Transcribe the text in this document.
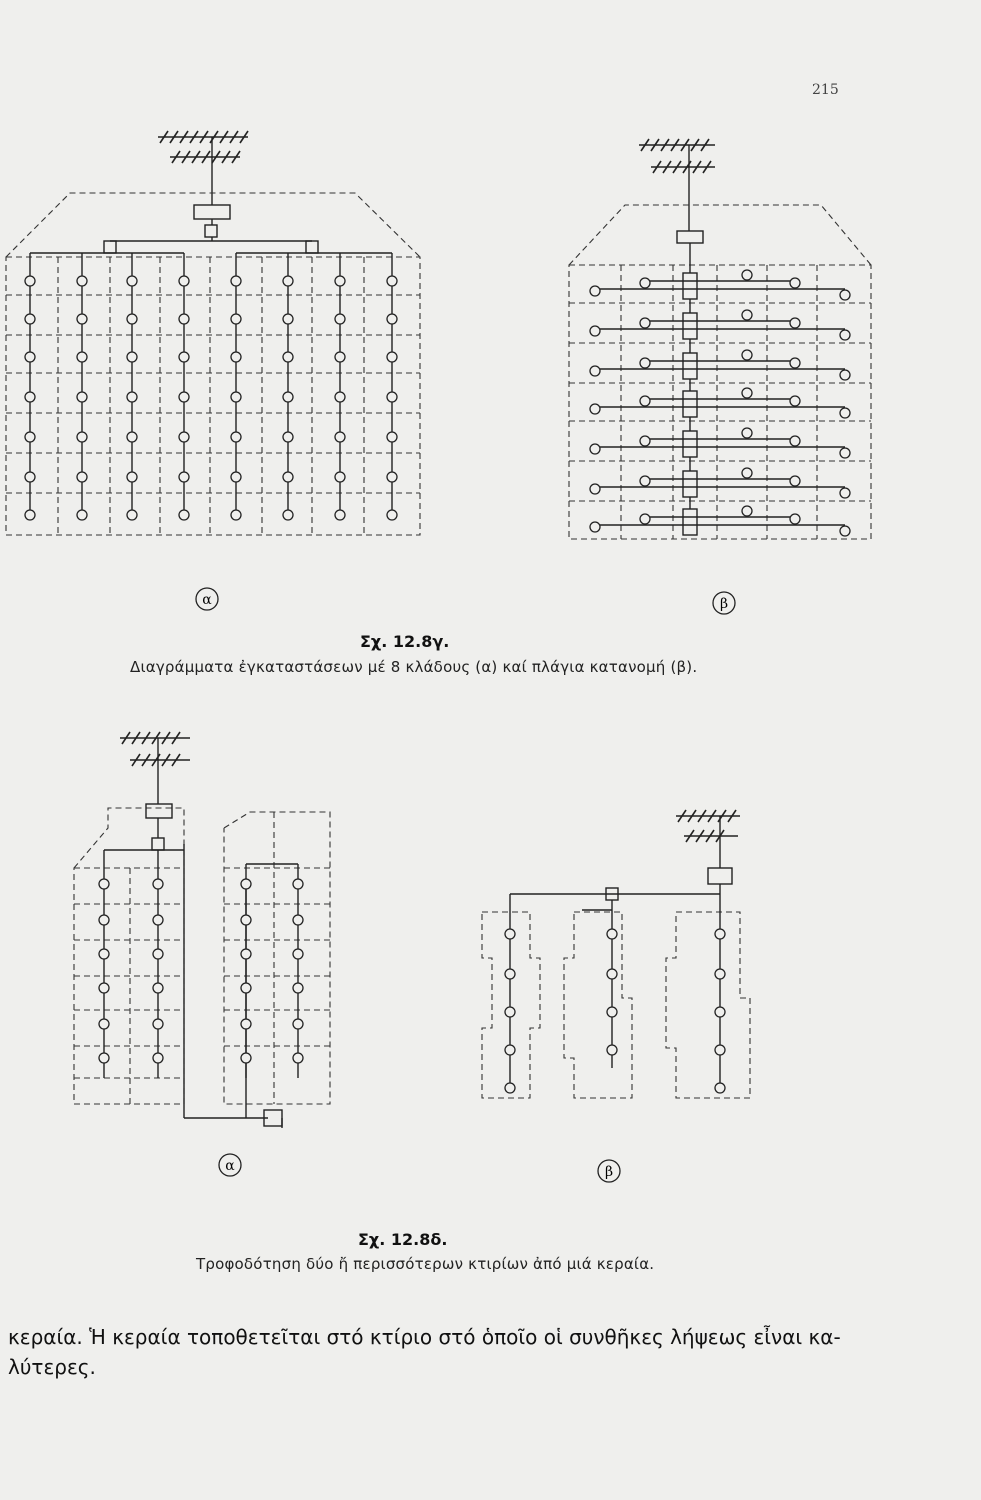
215
α	β
Σχ. 12.8γ.
Διαγράμματα ἐγκαταστάσεων μέ 8 κλάδους (α) καί πλάγια κατανομή (β).
α	β
Σχ. 12.8δ.
Τροφοδότηση δύο ἤ περισσότερων κτιρίων ἀπό μιά κεραία.
κεραία. Ἡ κεραία τοποθετεῖται στό κτίριο στό ὁποῖο οἱ συνθῆκες λήψεως εἶναι κα-
λύτερες.
